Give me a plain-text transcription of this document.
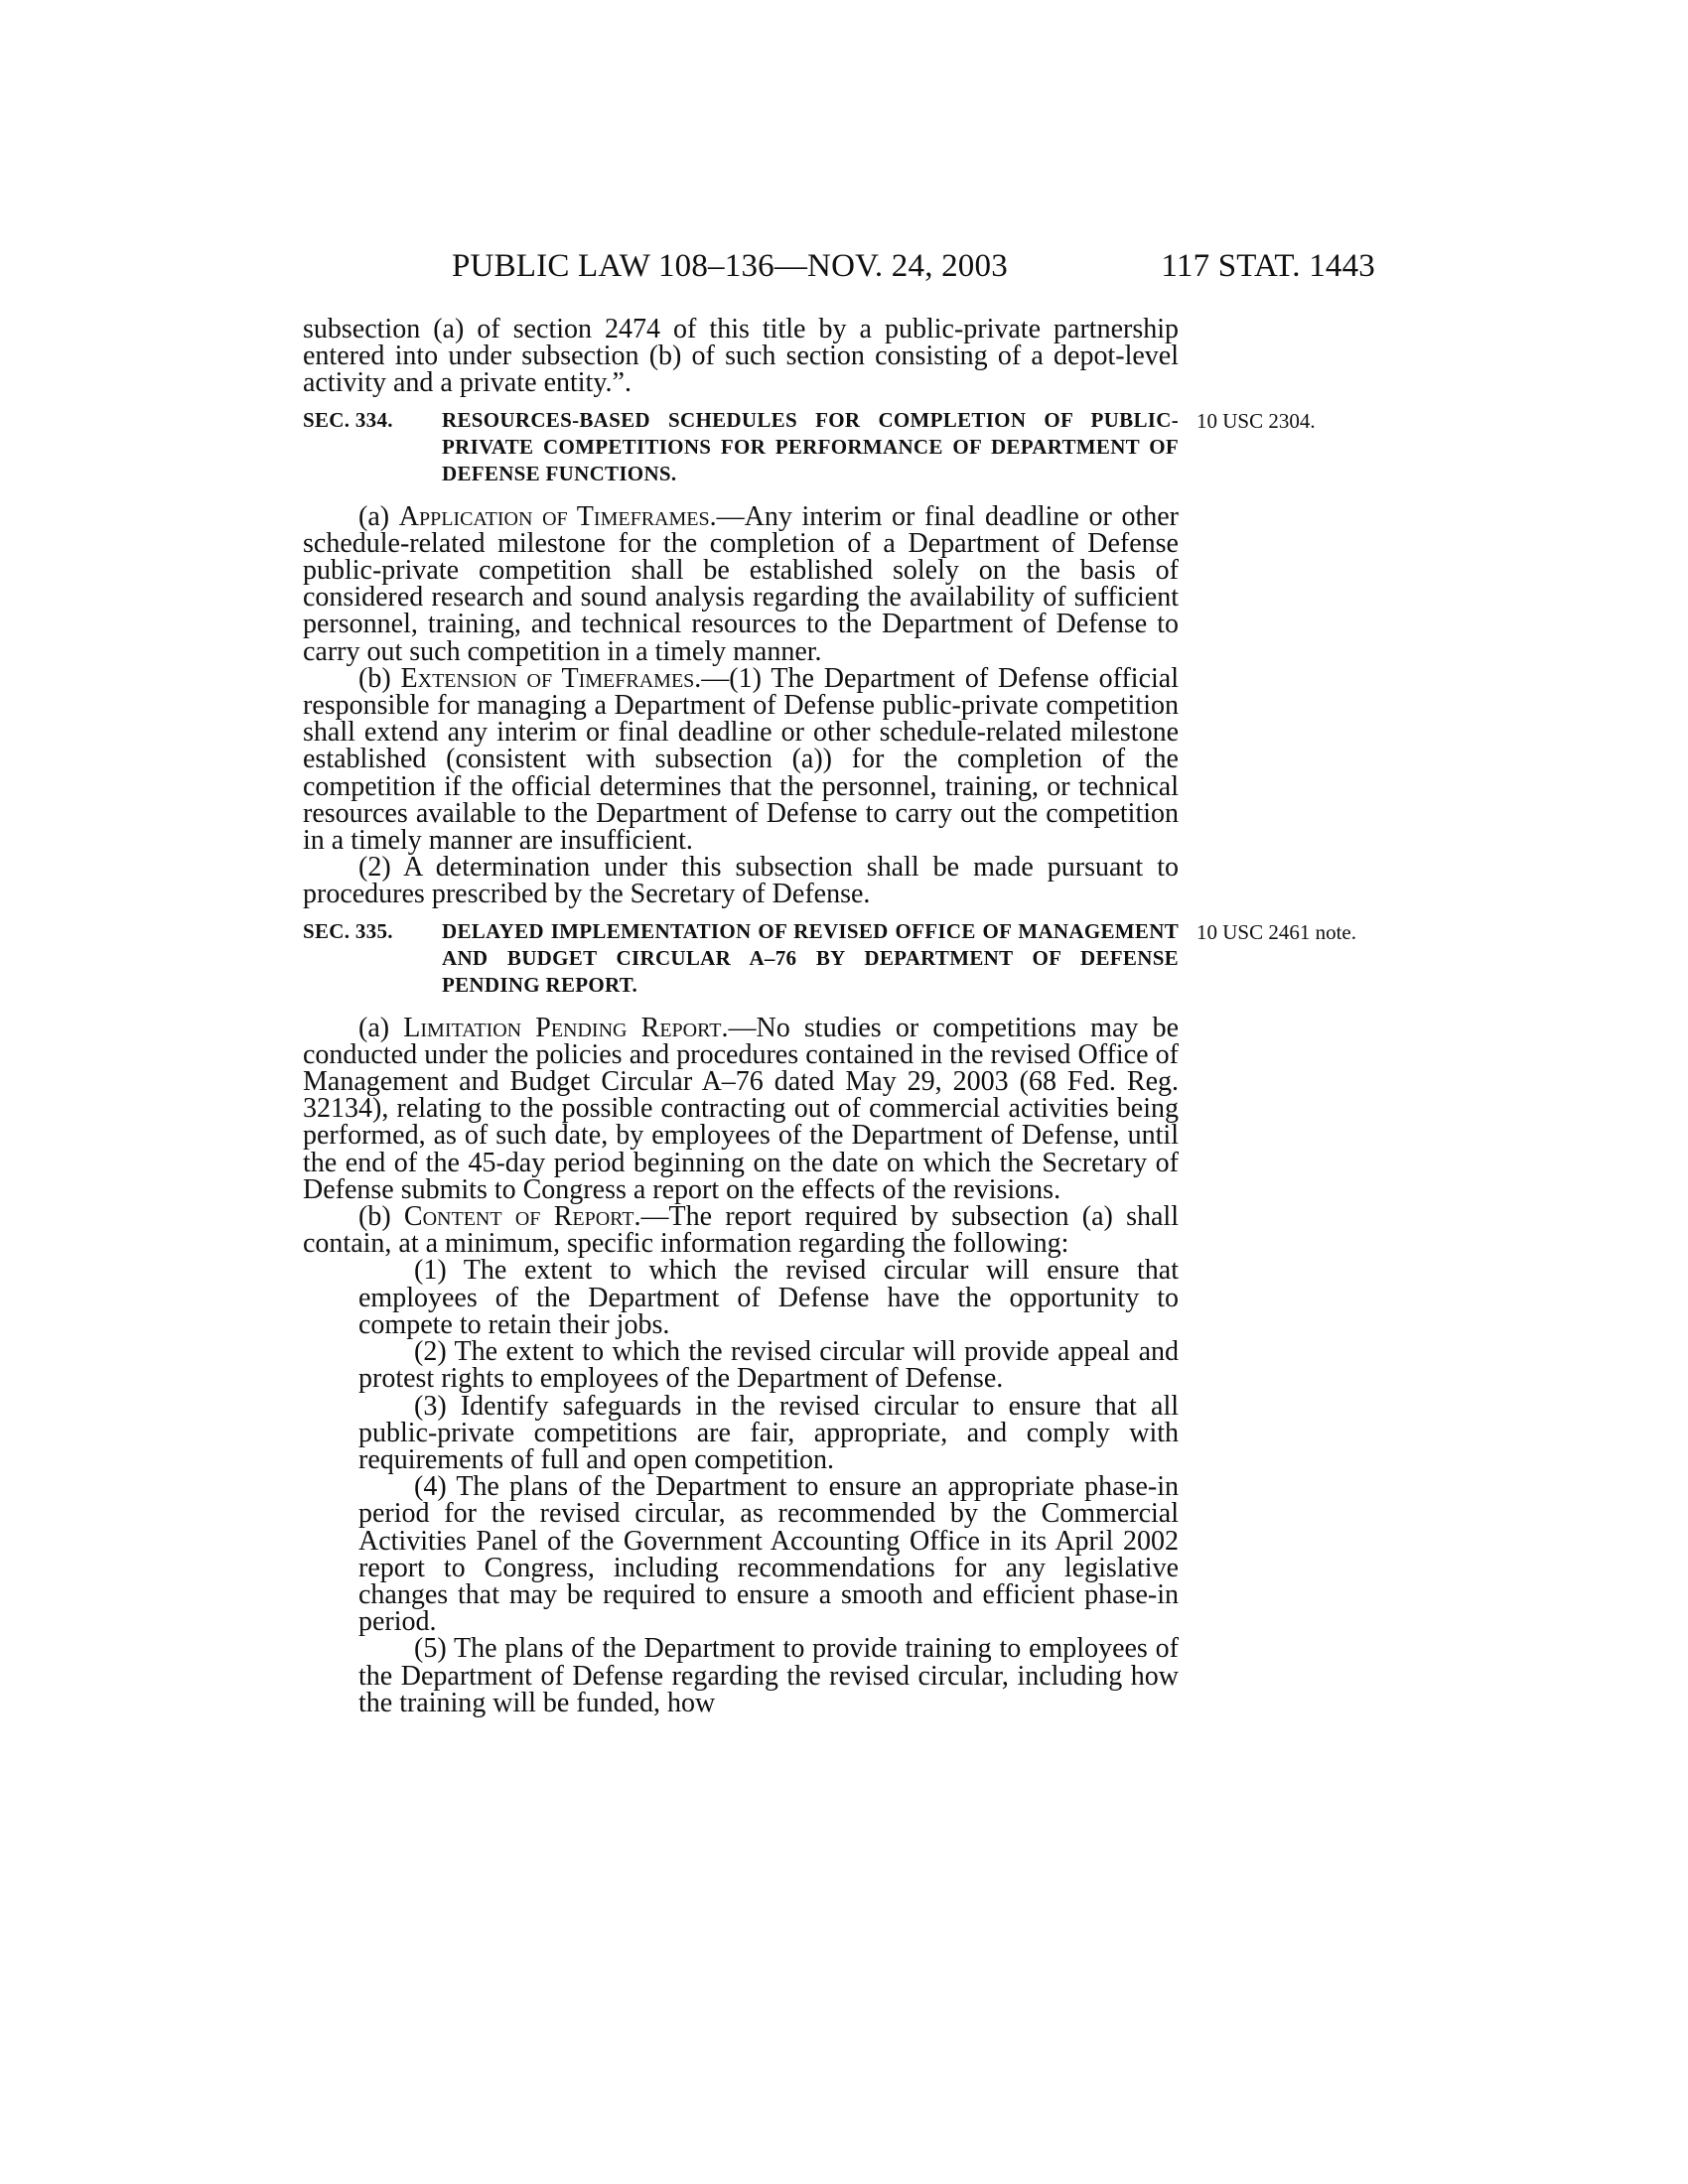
PUBLIC LAW 108–136—NOV. 24, 2003	117 STAT. 1443

subsection (a) of section 2474 of this title by a public-private partnership entered into under subsection (b) of such section consisting of a depot-level activity and a private entity.”.

SEC. 334.	RESOURCES-BASED SCHEDULES FOR COMPLETION OF PUBLIC-PRIVATE COMPETITIONS FOR PERFORMANCE OF DEPARTMENT OF DEFENSE FUNCTIONS.
10 USC 2304.

(a) Application of Timeframes.—Any interim or final deadline or other schedule-related milestone for the completion of a Department of Defense public-private competition shall be established solely on the basis of considered research and sound analysis regarding the availability of sufficient personnel, training, and technical resources to the Department of Defense to carry out such competition in a timely manner.

(b) Extension of Timeframes.—(1) The Department of Defense official responsible for managing a Department of Defense public-private competition shall extend any interim or final deadline or other schedule-related milestone established (consistent with subsection (a)) for the completion of the competition if the official determines that the personnel, training, or technical resources available to the Department of Defense to carry out the competition in a timely manner are insufficient.

(2) A determination under this subsection shall be made pursuant to procedures prescribed by the Secretary of Defense.

SEC. 335.	DELAYED IMPLEMENTATION OF REVISED OFFICE OF MANAGEMENT AND BUDGET CIRCULAR A–76 BY DEPARTMENT OF DEFENSE PENDING REPORT.
10 USC 2461 note.

(a) Limitation Pending Report.—No studies or competitions may be conducted under the policies and procedures contained in the revised Office of Management and Budget Circular A–76 dated May 29, 2003 (68 Fed. Reg. 32134), relating to the possible contracting out of commercial activities being performed, as of such date, by employees of the Department of Defense, until the end of the 45-day period beginning on the date on which the Secretary of Defense submits to Congress a report on the effects of the revisions.

(b) Content of Report.—The report required by subsection (a) shall contain, at a minimum, specific information regarding the following:

(1) The extent to which the revised circular will ensure that employees of the Department of Defense have the opportunity to compete to retain their jobs.

(2) The extent to which the revised circular will provide appeal and protest rights to employees of the Department of Defense.

(3) Identify safeguards in the revised circular to ensure that all public-private competitions are fair, appropriate, and comply with requirements of full and open competition.

(4) The plans of the Department to ensure an appropriate phase-in period for the revised circular, as recommended by the Commercial Activities Panel of the Government Accounting Office in its April 2002 report to Congress, including recommendations for any legislative changes that may be required to ensure a smooth and efficient phase-in period.

(5) The plans of the Department to provide training to employees of the Department of Defense regarding the revised circular, including how the training will be funded, how
